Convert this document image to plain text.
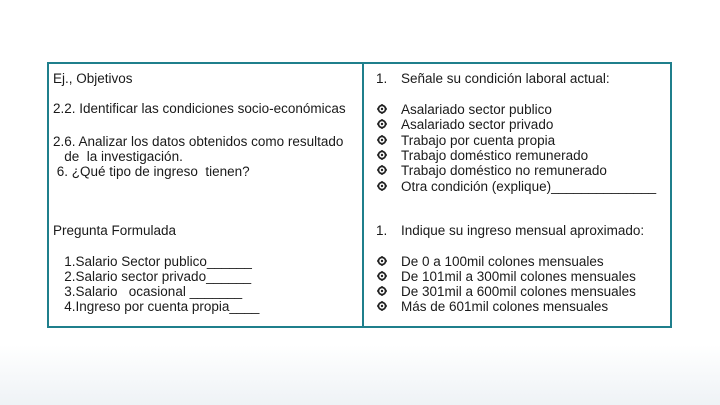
Ej., Objetivos
2.2. Identificar las condiciones socio-económicas
2.6. Analizar los datos obtenidos como resultado
de  la investigación.
6. ¿Qué tipo de ingreso  tienen?
Pregunta Formulada
1.Salario Sector publico______
2.Salario sector privado______
3.Salario   ocasional _______
4.Ingreso por cuenta propia____
1. Señale su condición laboral actual:
Asalariado sector publico
Asalariado sector privado
Trabajo por cuenta propia
Trabajo doméstico remunerado
Trabajo doméstico no remunerado
Otra condición (explique)______________
1. Indique su ingreso mensual aproximado:
De 0 a 100mil colones mensuales
De 101mil a 300mil colones mensuales
De 301mil a 600mil colones mensuales
Más de 601mil colones mensuales
